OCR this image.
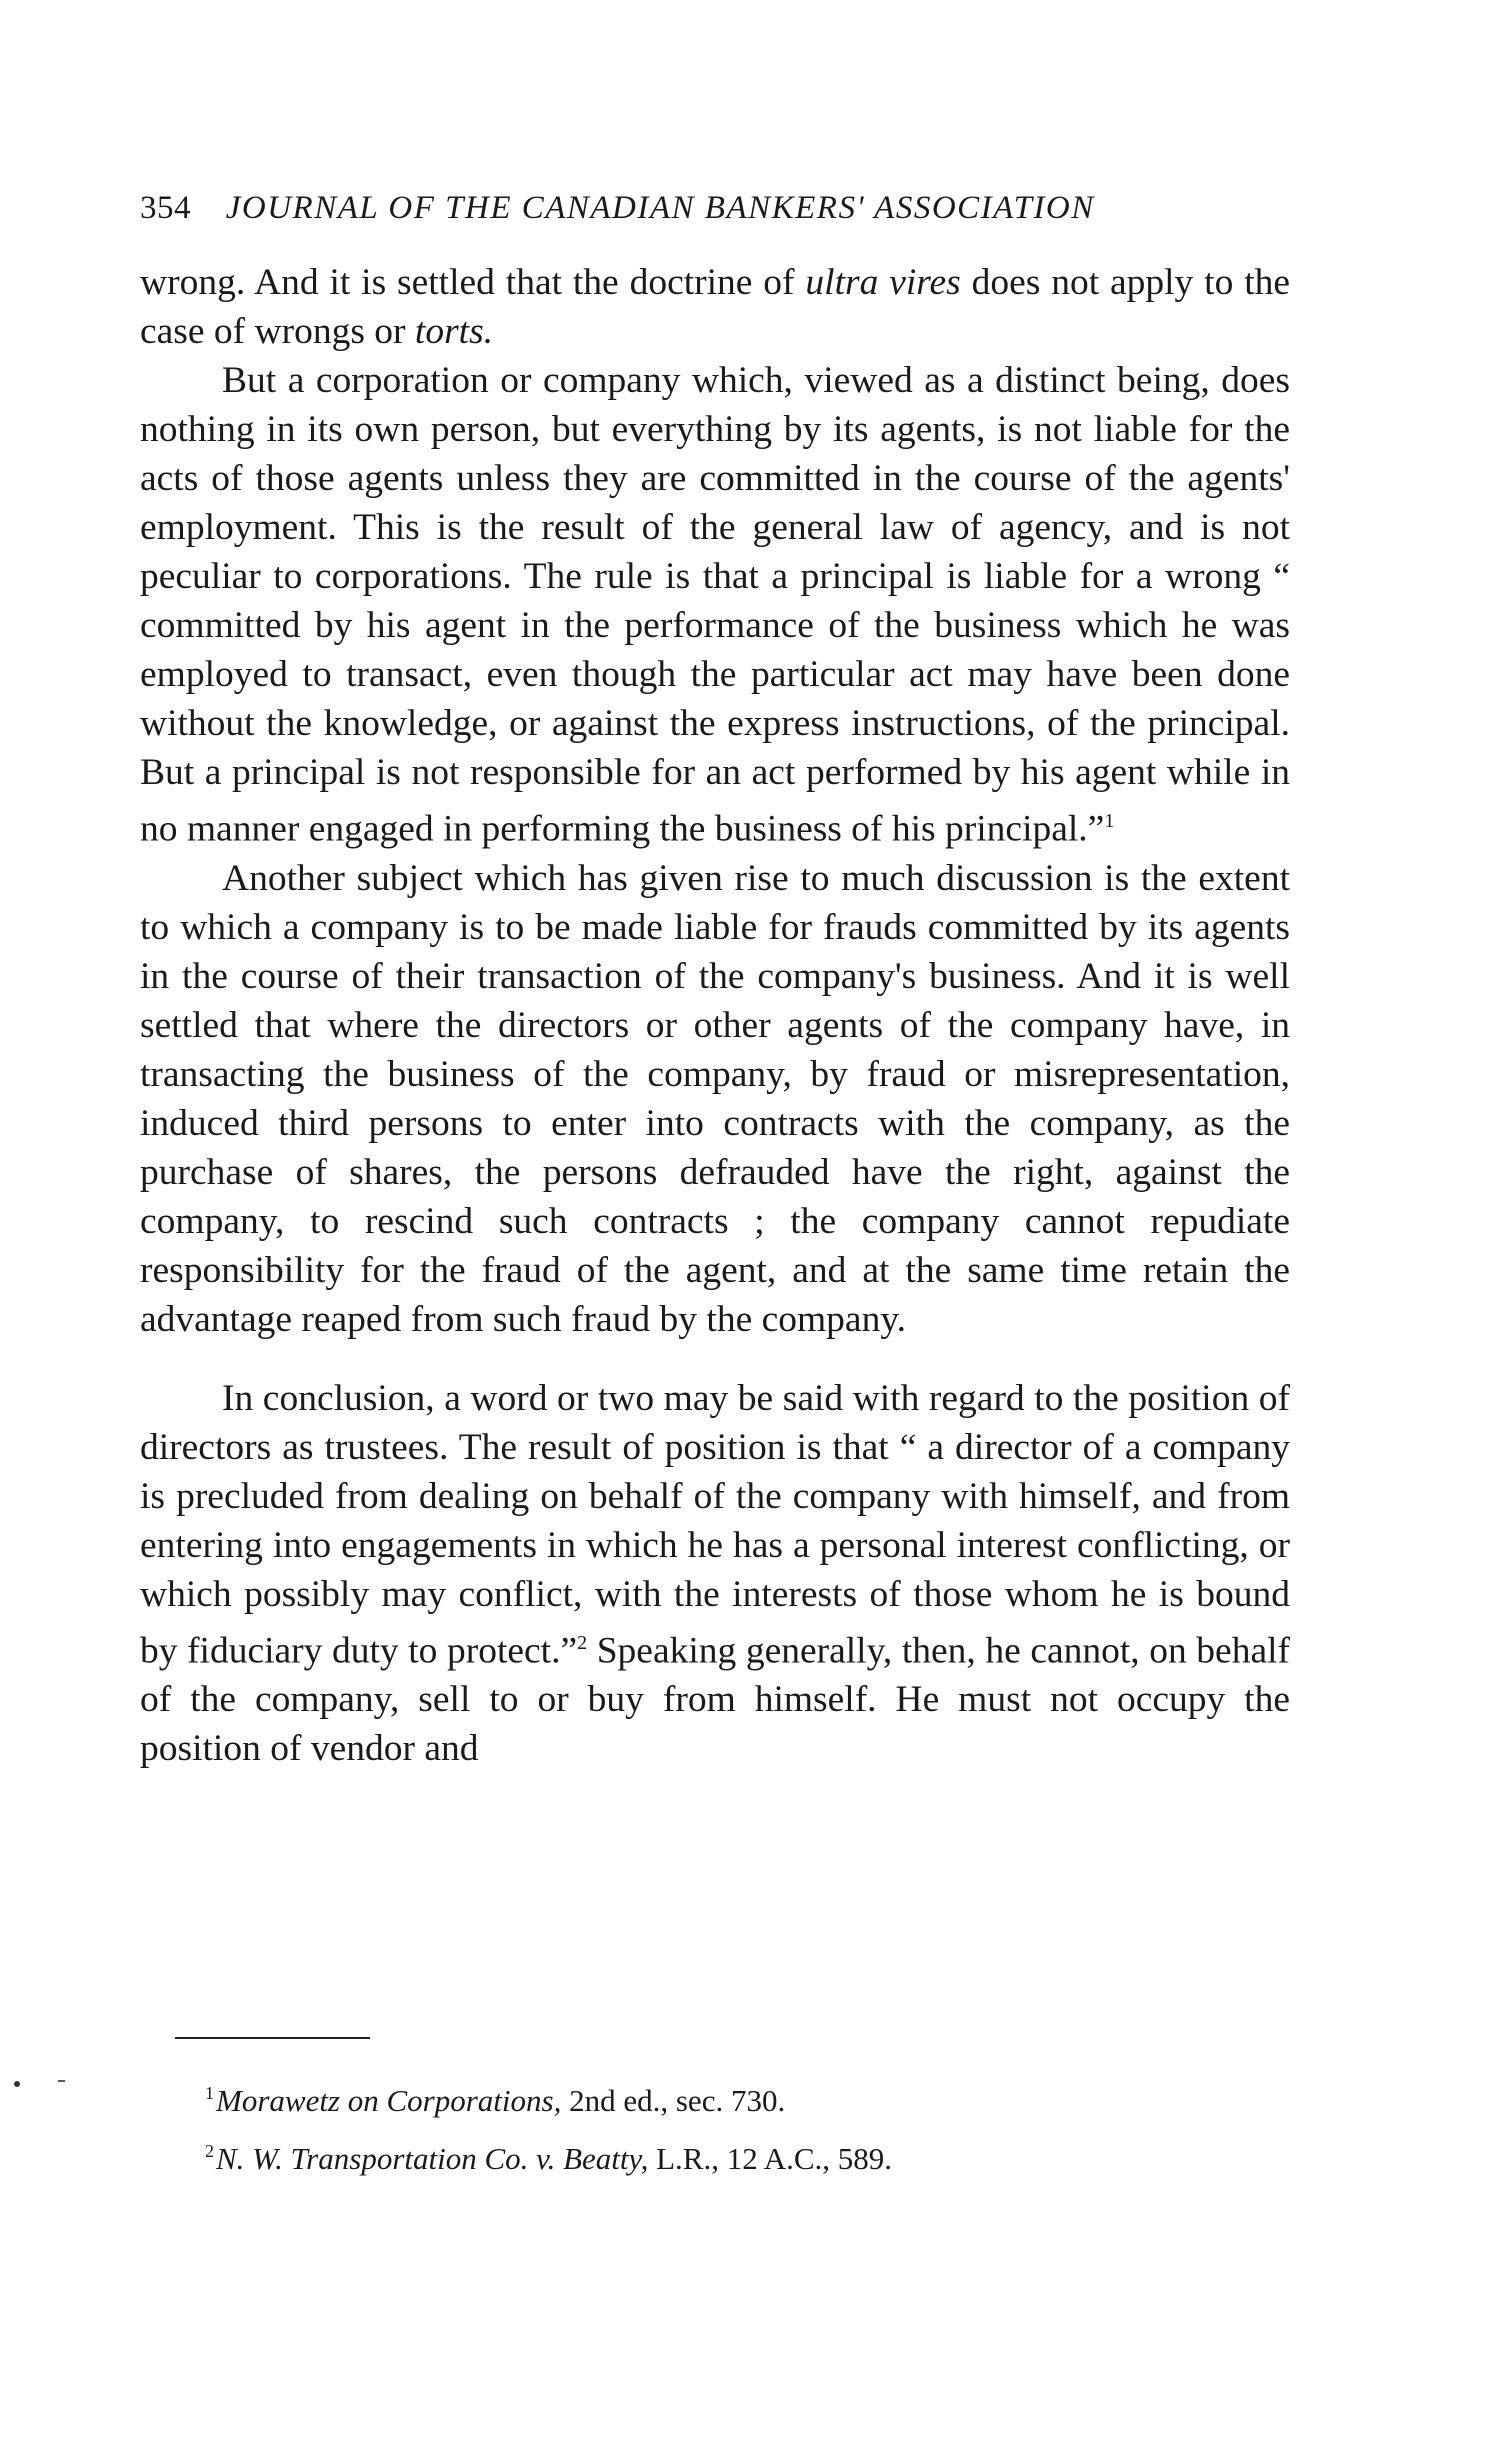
354 JOURNAL OF THE CANADIAN BANKERS' ASSOCIATION

wrong. And it is settled that the doctrine of ultra vires does not apply to the case of wrongs or torts.

But a corporation or company which, viewed as a distinct being, does nothing in its own person, but everything by its agents, is not liable for the acts of those agents unless they are committed in the course of the agents' employment. This is the result of the general law of agency, and is not peculiar to corporations. The rule is that a principal is liable for a wrong “ committed by his agent in the performance of the business which he was employed to transact, even though the particular act may have been done without the knowledge, or against the express instructions, of the principal. But a principal is not responsible for an act performed by his agent while in no manner engaged in performing the business of his principal.”$^1$

Another subject which has given rise to much discussion is the extent to which a company is to be made liable for frauds committed by its agents in the course of their transaction of the company's business. And it is well settled that where the directors or other agents of the company have, in transacting the business of the company, by fraud or misrepresentation, induced third persons to enter into contracts with the company, as the purchase of shares, the persons defrauded have the right, against the company, to rescind such contracts ; the company cannot repudiate responsibility for the fraud of the agent, and at the same time retain the advantage reaped from such fraud by the company.

In conclusion, a word or two may be said with regard to the position of directors as trustees. The result of position is that “ a director of a company is precluded from dealing on behalf of the company with himself, and from entering into engagements in which he has a personal interest conflicting, or which possibly may conflict, with the interests of those whom he is bound by fiduciary duty to protect.”$^2$ Speaking generally, then, he cannot, on behalf of the company, sell to or buy from himself. He must not occupy the position of vendor and

$^1$Morawetz on Corporations, 2nd ed., sec. 730.
$^2$N. W. Transportation Co. v. Beatty, L.R., 12 A.C., 589.
